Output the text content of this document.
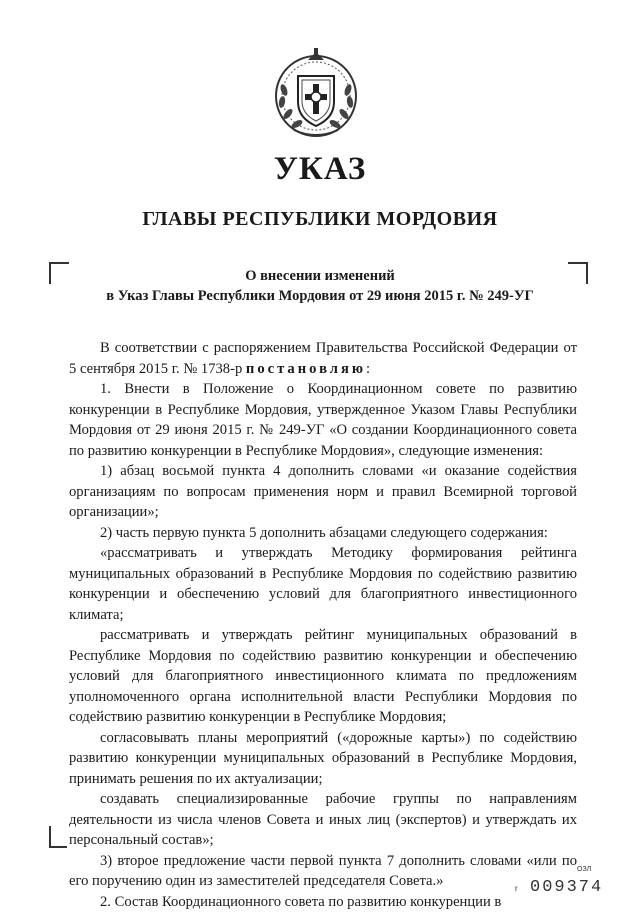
УКАЗ
ГЛАВЫ РЕСПУБЛИКИ МОРДОВИЯ
О внесении изменений
в Указ Главы Республики Мордовия от 29 июня 2015 г. № 249-УГ

В соответствии с распоряжением Правительства Российской Федерации от 5 сентября 2015 г. № 1738-р постановляю:

1. Внести в Положение о Координационном совете по развитию конкуренции в Республике Мордовия, утвержденное Указом Главы Республики Мордовия от 29 июня 2015 г. № 249-УГ «О создании Координационного совета по развитию конкуренции в Республике Мордовия», следующие изменения:

1) абзац восьмой пункта 4 дополнить словами «и оказание содействия организациям по вопросам применения норм и правил Всемирной торговой организации»;

2) часть первую пункта 5 дополнить абзацами следующего содержания:

«рассматривать и утверждать Методику формирования рейтинга муниципальных образований в Республике Мордовия по содействию развитию конкуренции и обеспечению условий для благоприятного инвестиционного климата;

рассматривать и утверждать рейтинг муниципальных образований в Республике Мордовия по содействию развитию конкуренции и обеспечению условий для благоприятного инвестиционного климата по предложениям уполномоченного органа исполнительной власти Республики Мордовия по содействию развитию конкуренции в Республике Мордовия;

согласовывать планы мероприятий («дорожные карты») по содействию развитию конкуренции муниципальных образований в Республике Мордовия, принимать решения по их актуализации;

создавать специализированные рабочие группы по направлениям деятельности из числа членов Совета и иных лиц (экспертов) и утверждать их персональный состав»;

3) второе предложение части первой пункта 7 дополнить словами «или по его поручению один из заместителей председателя Совета.»

2. Состав Координационного совета по развитию конкуренции в

ОЗЛ
r 009374
